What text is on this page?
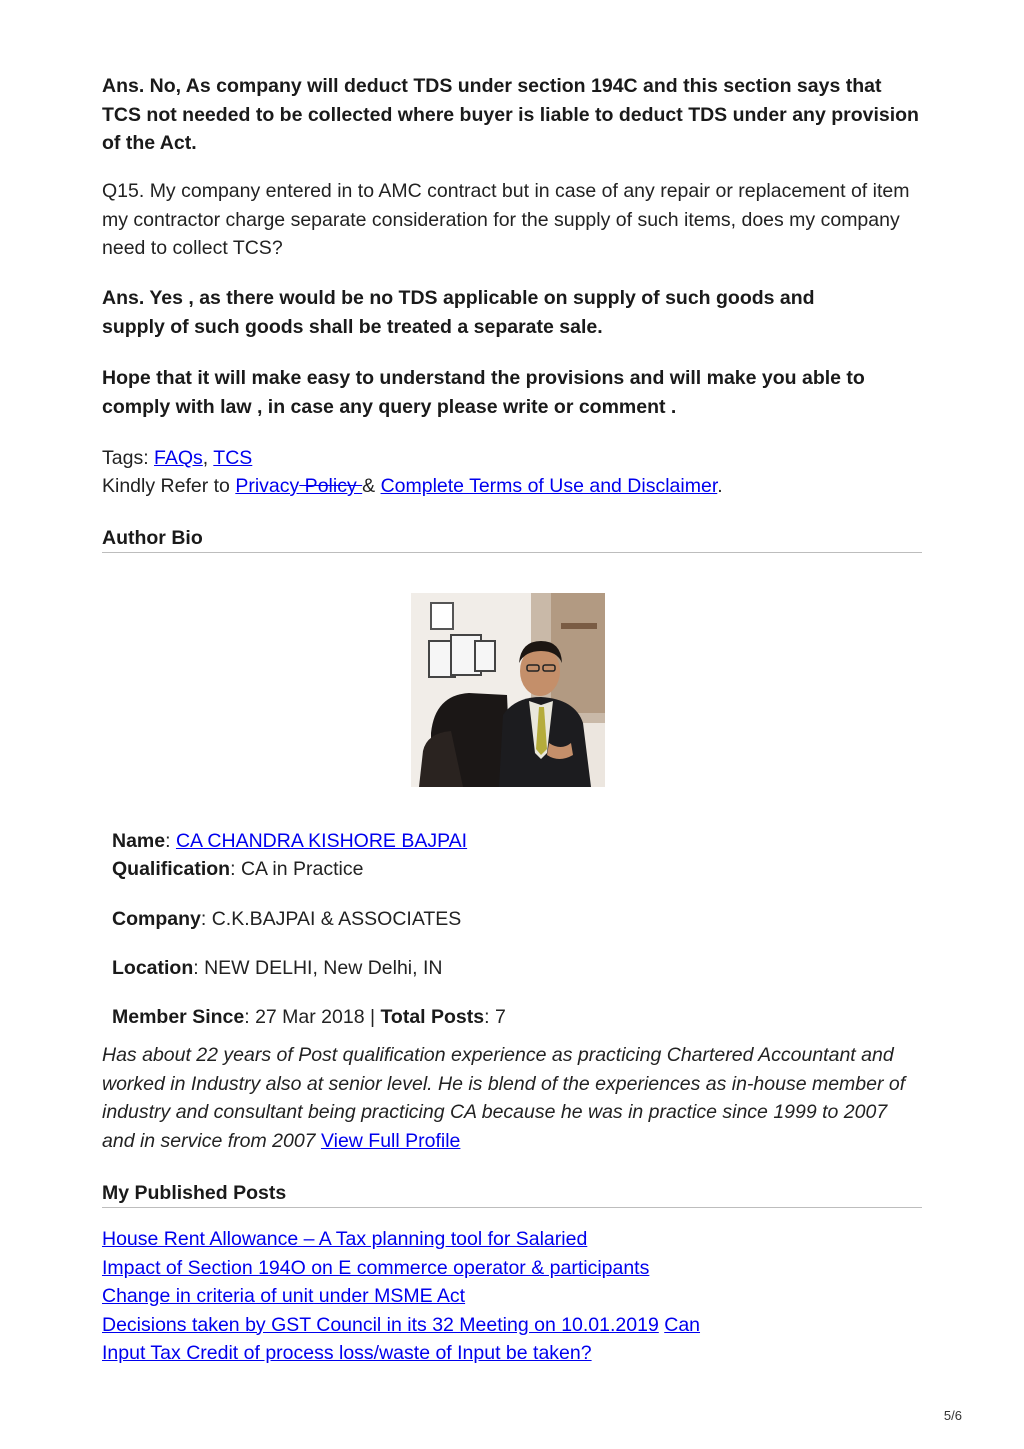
Ans. No, As company will deduct TDS under section 194C and this section says that TCS not needed to be collected where buyer is liable to deduct TDS under any provision of the Act.

Q15. My company entered in to AMC contract but in case of any repair or replacement of item my contractor charge separate consideration for the supply of such items, does my company need to collect TCS?

Ans. Yes , as there would be no TDS applicable on supply of such goods and supply of such goods shall be treated a separate sale.

Hope that it will make easy to understand the provisions and will make you able to comply with law , in case any query please write or comment .

Tags: FAQs, TCS
Kindly Refer to Privacy Policy & Complete Terms of Use and Disclaimer.
Author Bio
Name: CA CHANDRA KISHORE BAJPAI
Qualification: CA in Practice
Company: C.K.BAJPAI & ASSOCIATES
Location: NEW DELHI, New Delhi, IN
Member Since: 27 Mar 2018 | Total Posts: 7

Has about 22 years of Post qualification experience as practicing Chartered Accountant and worked in Industry also at senior level. He is blend of the experiences as in-house member of industry and consultant being practicing CA because he was in practice since 1999 to 2007 and in service from 2007 View Full Profile

My Published Posts
House Rent Allowance – A Tax planning tool for Salaried
Impact of Section 194O on E commerce operator & participants Change in criteria of unit under MSME Act
Decisions taken by GST Council in its 32 Meeting on 10.01.2019 Can Input Tax Credit of process loss/waste of Input be taken?
5/6
